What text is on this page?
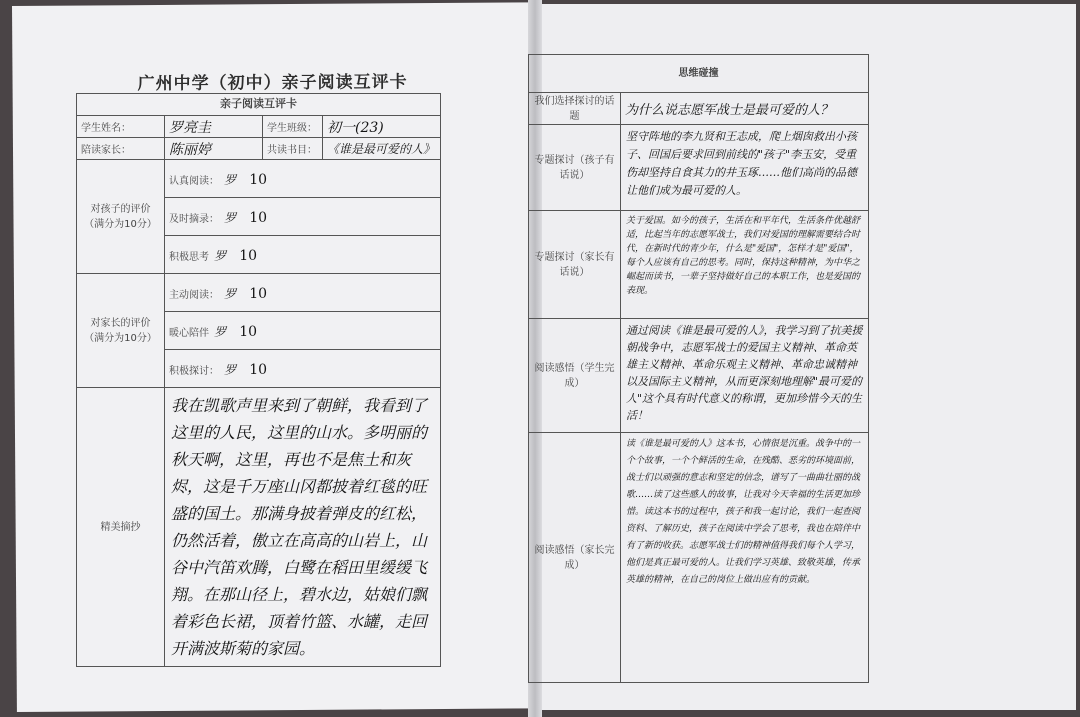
广州中学（初中）亲子阅读互评卡
亲子阅读互评卡			
学生姓名：	罗亮圭	学生班级：	初一(23)
陪读家长：	陈丽婷	共读书目：	《谁是最可爱的人》
对孩子的评价（满分为10分）	认真阅读： 罗 10		
	及时摘录： 罗 10		
	积极思考 罗 10		
对家长的评价（满分为10分）	主动阅读： 罗 10		
	暖心陪伴 罗 10		
	积极探讨： 罗 10		
精美摘抄	我在凯歌声里来到了朝鲜，我看到了这里的人民，这里的山水。多明丽的秋天啊，这里，再也不是焦土和灰烬，这是千万座山冈都披着红毯的旺盛的国土。那满身披着弹皮的红松，仍然活着，傲立在高高的山岩上，山谷中汽笛欢腾，白鹭在稻田里缓缓飞翔。在那山径上，碧水边，姑娘们飘着彩色长裙，顶着竹篮、水罐，走回开满波斯菊的家园。		
思维碰撞	
我们选择探讨的话题	为什么说志愿军战士是最可爱的人？
专题探讨（孩子有话说）	坚守阵地的李九贤和王志成，爬上烟囱救出小孩子、回国后要求回到前线的"孩子"李玉安，受重伤却坚持自食其力的井玉琢……他们高尚的品德让他们成为最可爱的人。
专题探讨（家长有话说）	关于爱国。如今的孩子，生活在和平年代，生活条件优越舒适，比起当年的志愿军战士，我们对爱国的理解需要结合时代，在新时代的青少年，什么是"爱国"，怎样才是"爱国"，每个人应该有自己的思考。同时，保持这种精神，为中华之崛起而读书，一辈子坚持做好自己的本职工作，也是爱国的表现。
阅读感悟（学生完成）	通过阅读《谁是最可爱的人》，我学习到了抗美援朝战争中，志愿军战士的爱国主义精神、革命英雄主义精神、革命乐观主义精神、革命忠诚精神以及国际主义精神，从而更深刻地理解"最可爱的人"这个具有时代意义的称谓，更加珍惜今天的生活！
阅读感悟（家长完成）	读《谁是最可爱的人》这本书，心情很是沉重。战争中的一个个故事，一个个鲜活的生命，在残酷、恶劣的环境面前，战士们以顽强的意志和坚定的信念，谱写了一曲曲壮丽的战歌……读了这些感人的故事，让我对今天幸福的生活更加珍惜。读这本书的过程中，孩子和我一起讨论，我们一起查阅资料、了解历史，孩子在阅读中学会了思考，我也在陪伴中有了新的收获。志愿军战士们的精神值得我们每个人学习，他们是真正最可爱的人。让我们学习英雄、致敬英雄，传承英雄的精神，在自己的岗位上做出应有的贡献。
